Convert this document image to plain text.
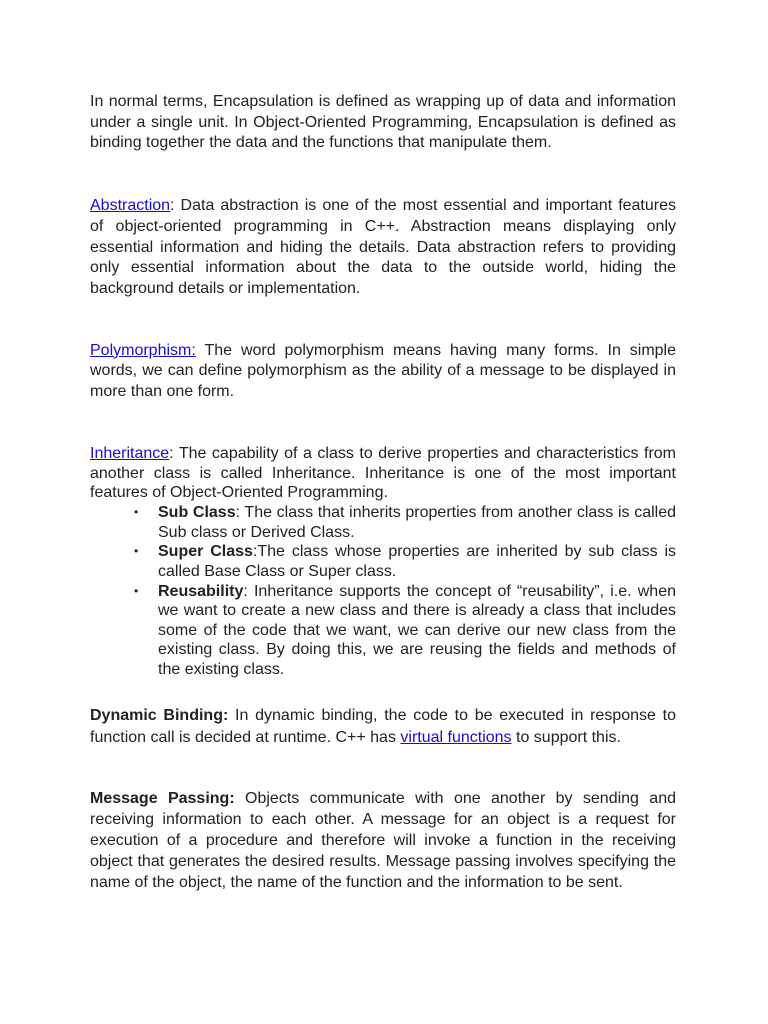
In normal terms, Encapsulation is defined as wrapping up of data and information under a single unit. In Object-Oriented Programming, Encapsulation is defined as binding together the data and the functions that manipulate them.

Abstraction: Data abstraction is one of the most essential and important features of object-oriented programming in C++. Abstraction means displaying only essential information and hiding the details. Data abstraction refers to providing only essential information about the data to the outside world, hiding the background details or implementation.

Polymorphism: The word polymorphism means having many forms. In simple words, we can define polymorphism as the ability of a message to be displayed in more than one form.

Inheritance: The capability of a class to derive properties and characteristics from another class is called Inheritance. Inheritance is one of the most important features of Object-Oriented Programming.

• Sub Class: The class that inherits properties from another class is called Sub class or Derived Class.
• Super Class:The class whose properties are inherited by sub class is called Base Class or Super class.
• Reusability: Inheritance supports the concept of “reusability”, i.e. when we want to create a new class and there is already a class that includes some of the code that we want, we can derive our new class from the existing class. By doing this, we are reusing the fields and methods of the existing class.

Dynamic Binding: In dynamic binding, the code to be executed in response to function call is decided at runtime. C++ has virtual functions to support this.

Message Passing: Objects communicate with one another by sending and receiving information to each other. A message for an object is a request for execution of a procedure and therefore will invoke a function in the receiving object that generates the desired results. Message passing involves specifying the name of the object, the name of the function and the information to be sent.
